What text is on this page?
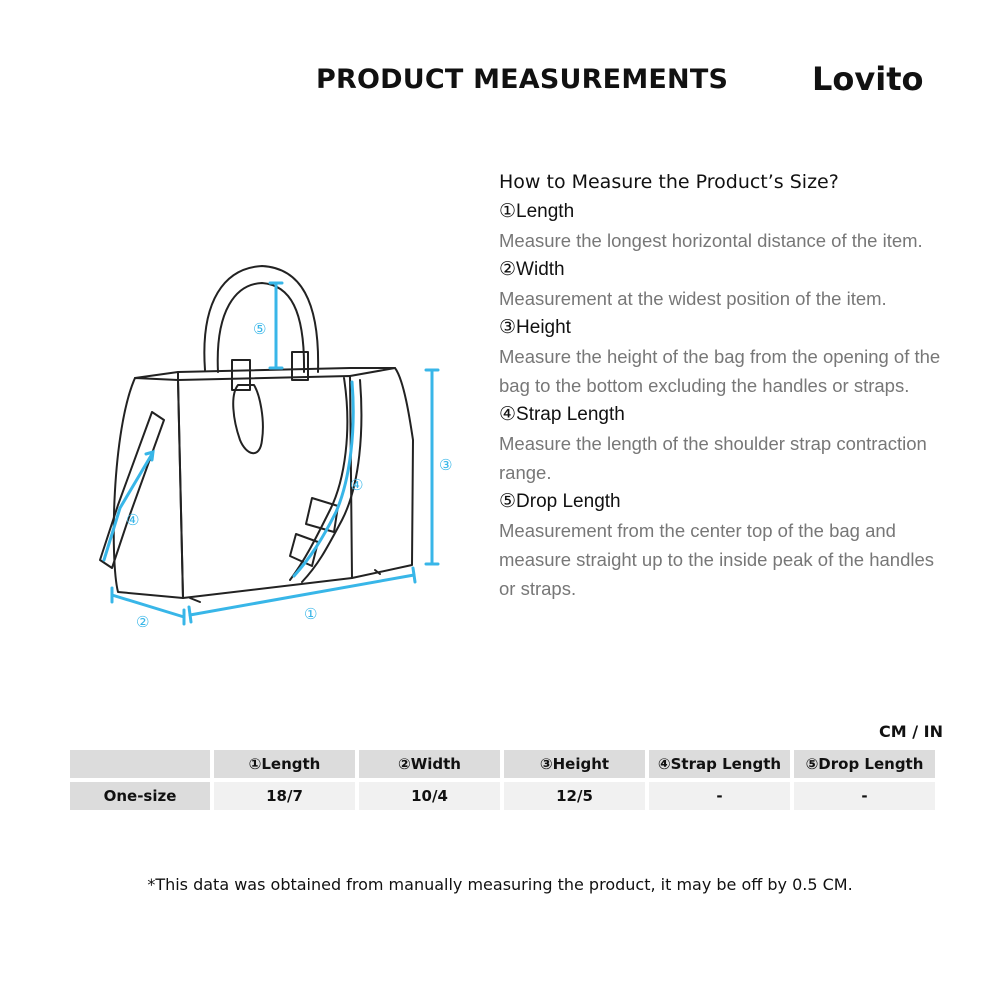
PRODUCT MEASUREMENTS	Lovito
③
⑤
①
②
④
④
How to Measure the Product’s Size?
①Length
Measure the longest horizontal distance of the item.
②Width
Measurement at the widest position of the item.
③Height
Measure the height of the bag from the opening of the bag to the bottom excluding the handles or straps.
④Strap Length
Measure the length of the shoulder strap contraction range.
⑤Drop Length
Measurement from the center top of the bag and measure straight up to the inside peak of the handles or straps.
CM / IN
	①Length	②Width	③Height	④Strap Length	⑤Drop Length
One-size	18/7	10/4	12/5	-	-
*This data was obtained from manually measuring the product, it may be off by 0.5 CM.
